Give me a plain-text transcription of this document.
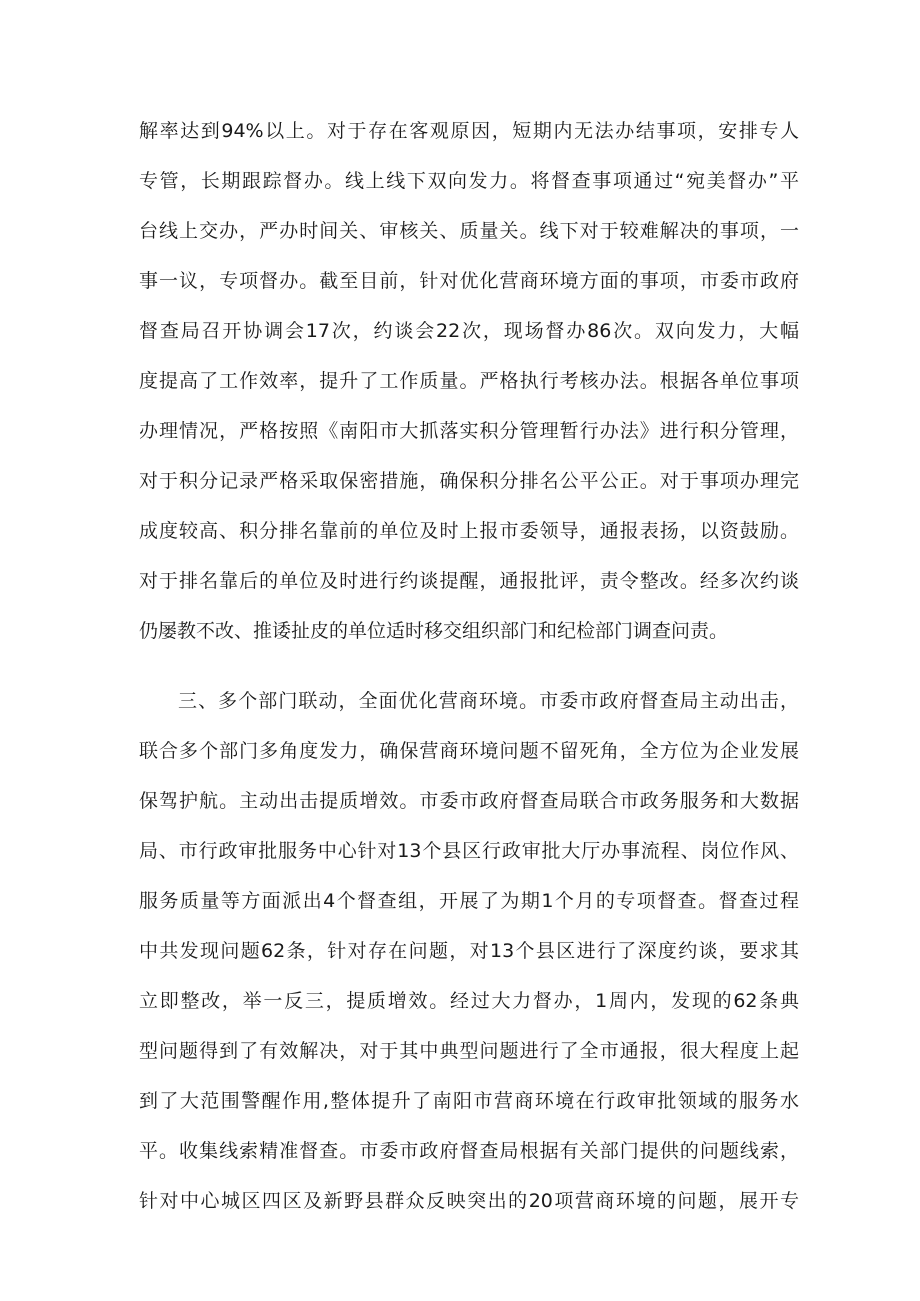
解率达到94%以上。对于存在客观原因，短期内无法办结事项，安排专人
专管，长期跟踪督办。线上线下双向发力。将督查事项通过“宛美督办”平
台线上交办，严办时间关、审核关、质量关。线下对于较难解决的事项，一
事一议，专项督办。截至目前，针对优化营商环境方面的事项，市委市政府
督查局召开协调会17次，约谈会22次，现场督办86次。双向发力，大幅
度提高了工作效率，提升了工作质量。严格执行考核办法。根据各单位事项
办理情况，严格按照《南阳市大抓落实积分管理暂行办法》进行积分管理，
对于积分记录严格采取保密措施，确保积分排名公平公正。对于事项办理完
成度较高、积分排名靠前的单位及时上报市委领导，通报表扬，以资鼓励。
对于排名靠后的单位及时进行约谈提醒，通报批评，责令整改。经多次约谈
仍屡教不改、推诿扯皮的单位适时移交组织部门和纪检部门调查问责。
三、多个部门联动，全面优化营商环境。市委市政府督查局主动出击，
联合多个部门多角度发力，确保营商环境问题不留死角，全方位为企业发展
保驾护航。主动出击提质增效。市委市政府督查局联合市政务服务和大数据
局、市行政审批服务中心针对13个县区行政审批大厅办事流程、岗位作风、
服务质量等方面派出4个督查组，开展了为期1个月的专项督查。督查过程
中共发现问题62条，针对存在问题，对13个县区进行了深度约谈，要求其
立即整改，举一反三，提质增效。经过大力督办，1周内，发现的62条典
型问题得到了有效解决，对于其中典型问题进行了全市通报，很大程度上起
到了大范围警醒作用,整体提升了南阳市营商环境在行政审批领域的服务水
平。收集线索精准督查。市委市政府督查局根据有关部门提供的问题线索，
针对中心城区四区及新野县群众反映突出的20项营商环境的问题，展开专
